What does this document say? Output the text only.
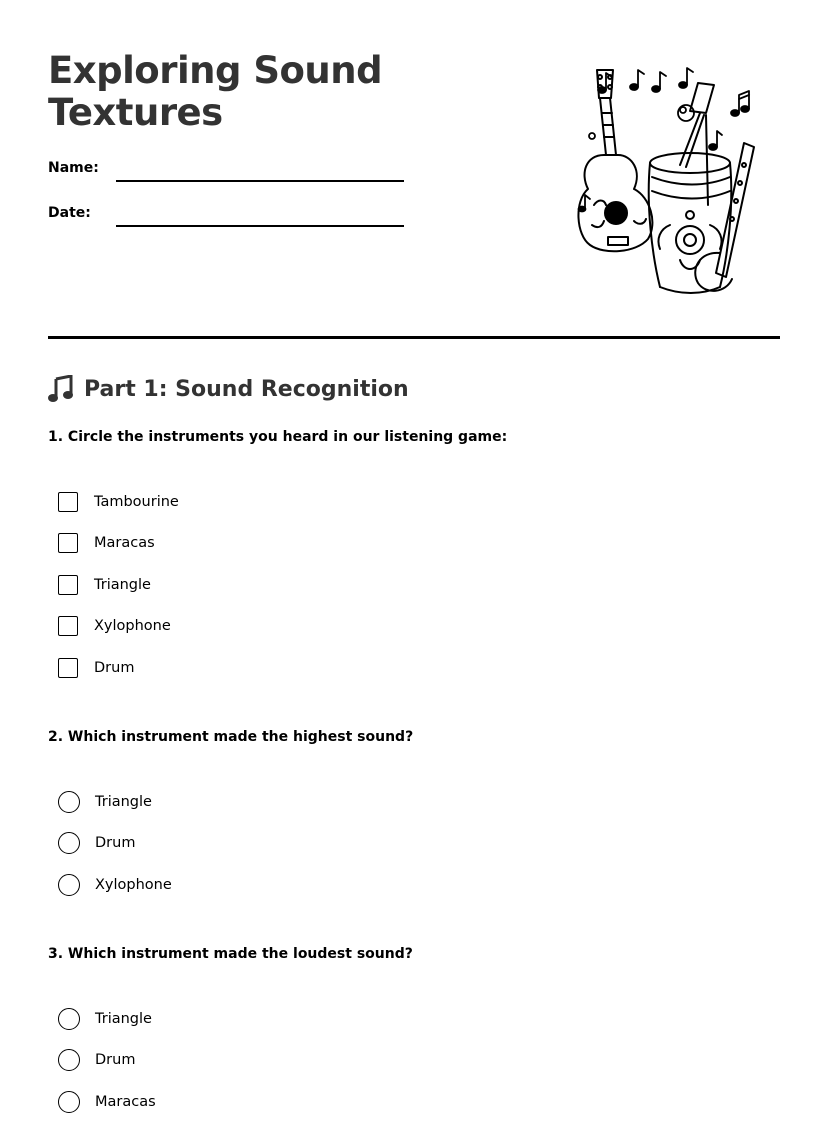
Exploring Sound Textures
Name:
Date:
Part 1: Sound Recognition
1. Circle the instruments you heard in our listening game:
Tambourine
Maracas
Triangle
Xylophone
Drum
2. Which instrument made the highest sound?
Triangle
Drum
Xylophone
3. Which instrument made the loudest sound?
Triangle
Drum
Maracas
